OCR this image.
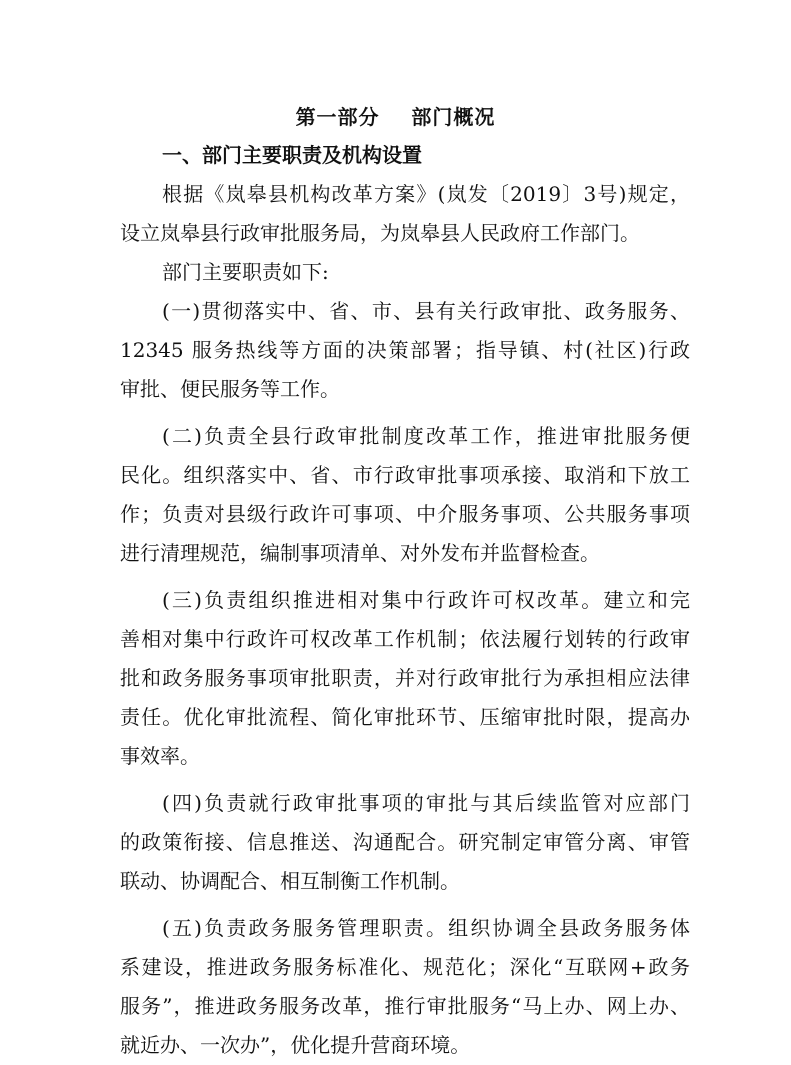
第一部分    部门概况
一、部门主要职责及机构设置
根据《岚皋县机构改革方案》(岚发〔2019〕3号)规定，
设立岚皋县行政审批服务局，为岚皋县人民政府工作部门。
部门主要职责如下:
(一)贯彻落实中、省、市、县有关行政审批、政务服务、
12345 服务热线等方面的决策部署；指导镇、村(社区)行政
审批、便民服务等工作。
(二)负责全县行政审批制度改革工作，推进审批服务便
民化。组织落实中、省、市行政审批事项承接、取消和下放工
作；负责对县级行政许可事项、中介服务事项、公共服务事项
进行清理规范，编制事项清单、对外发布并监督检查。
(三)负责组织推进相对集中行政许可权改革。建立和完
善相对集中行政许可权改革工作机制；依法履行划转的行政审
批和政务服务事项审批职责，并对行政审批行为承担相应法律
责任。优化审批流程、简化审批环节、压缩审批时限，提高办
事效率。
(四)负责就行政审批事项的审批与其后续监管对应部门
的政策衔接、信息推送、沟通配合。研究制定审管分离、审管
联动、协调配合、相互制衡工作机制。
(五)负责政务服务管理职责。组织协调全县政务服务体
系建设，推进政务服务标准化、规范化；深化“互联网+政务
服务”，推进政务服务改革，推行审批服务“马上办、网上办、
就近办、一次办”，优化提升营商环境。
